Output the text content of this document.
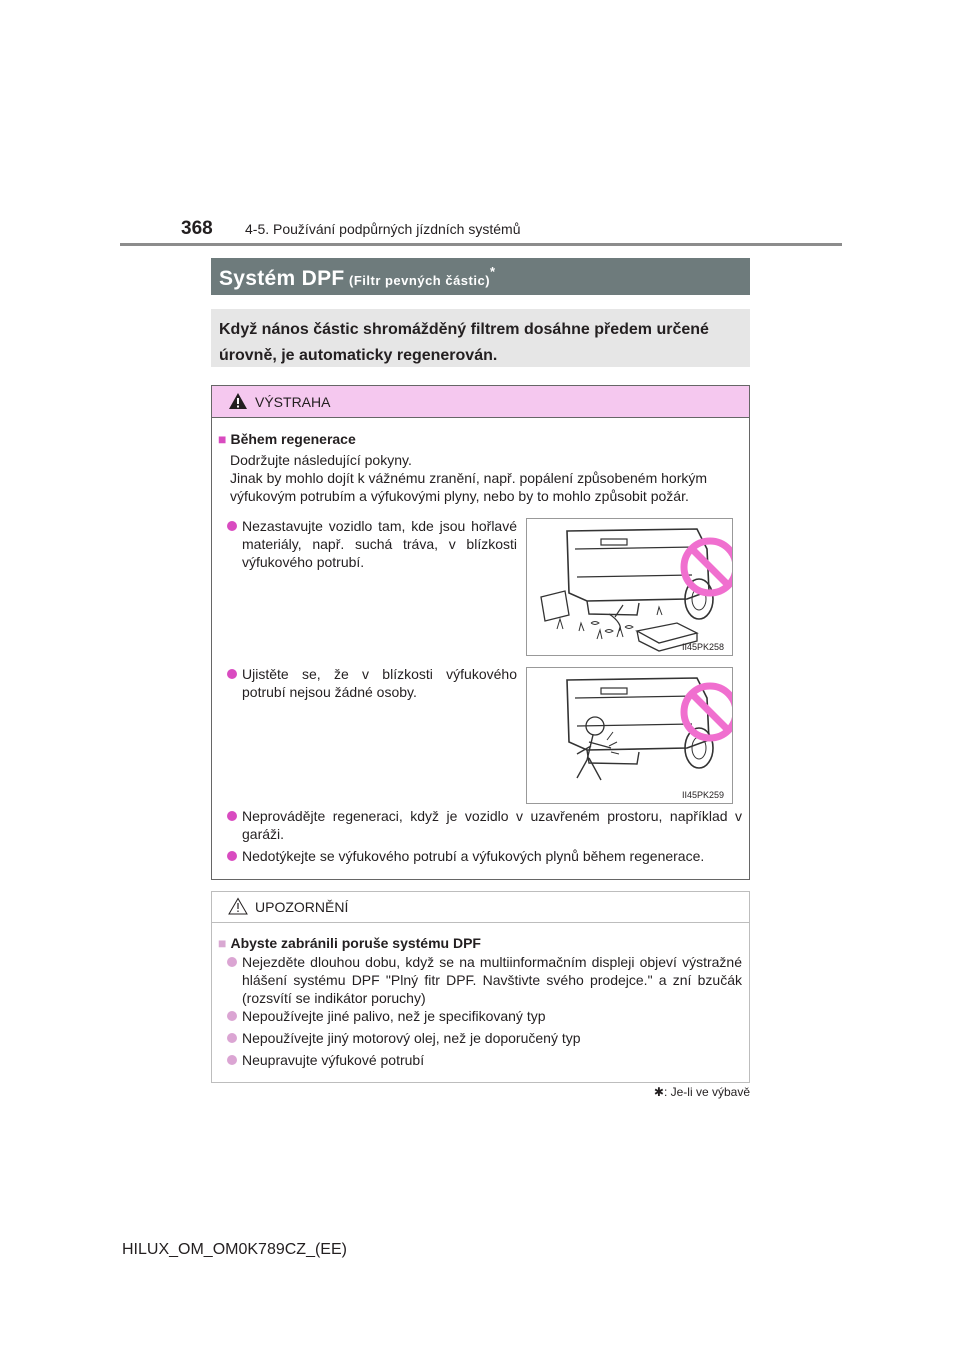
368 4-5. Používání podpůrných jízdních systémů
Systém DPF (Filtr pevných částic)*
Když nános částic shromážděný filtrem dosáhne předem určené úrovně, je automaticky regenerován.
VÝSTRAHA
■ Během regenerace
Dodržujte následující pokyny.
Jinak by mohlo dojít k vážnému zranění, např. popálení způsobeném horkým
výfukovým potrubím a výfukovými plyny, nebo by to mohlo způsobit požár.
Nezastavujte vozidlo tam, kde jsou hořlavé materiály, např. suchá tráva, v blízkosti výfukového potrubí.
II45PK258
Ujistěte se, že v blízkosti výfukového potrubí nejsou žádné osoby.
II45PK259
Neprovádějte regeneraci, když je vozidlo v uzavřeném prostoru, například v garáži.
Nedotýkejte se výfukového potrubí a výfukových plynů během regenerace.
UPOZORNĚNÍ
■ Abyste zabránili poruše systému DPF
Nejezděte dlouhou dobu, když se na multiinformačním displeji objeví výstražné hlášení systému DPF "Plný fitr DPF. Navštivte svého prodejce." a zní bzučák (rozsvítí se indikátor poruchy)
Nepoužívejte jiné palivo, než je specifikovaný typ
Nepoužívejte jiný motorový olej, než je doporučený typ
Neupravujte výfukové potrubí
✱: Je-li ve výbavě
HILUX_OM_OM0K789CZ_(EE)
